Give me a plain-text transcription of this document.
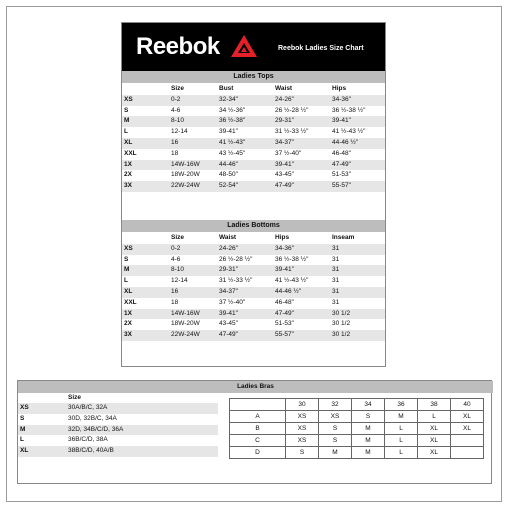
Reebok	Reebok Ladies Size Chart
Ladies Tops
Size	Bust	Waist	Hips
XS	0-2	32-34"	24-26"	34-36"
S	4-6	34 ½-36"	26 ½-28 ½"	36 ½-38 ½"
M	8-10	36 ½-38"	29-31"	39-41"
L	12-14	39-41"	31 ½-33 ½"	41 ½-43 ½"
XL	16	41 ½-43"	34-37"	44-46 ½"
XXL	18	43 ½-45"	37 ½-40"	46-48"
1X	14W-16W	44-46"	39-41"	47-49"
2X	18W-20W	48-50"	43-45"	51-53"
3X	22W-24W	52-54"	47-49"	55-57"
Ladies Bottoms
Size	Waist	Hips	Inseam
XS	0-2	24-26"	34-36"	31
S	4-6	26 ½-28 ½"	36 ½-38 ½"	31
M	8-10	29-31"	39-41"	31
L	12-14	31 ½-33 ½"	41 ½-43 ½"	31
XL	16	34-37"	44-46 ½"	31
XXL	18	37 ½-40"	46-48"	31
1X	14W-16W	39-41"	47-49"	30 1/2
2X	18W-20W	43-45"	51-53"	30 1/2
3X	22W-24W	47-49"	55-57"	30 1/2
Ladies Bras
Size
XS	30A/B/C, 32A
S	30D, 32B/C, 34A
M	32D, 34B/C/D, 36A
L	36B/C/D, 38A
XL	38B/C/D, 40A/B
	30	32	34	36	38	40
A	XS	XS	S	M	L	XL
B	XS	S	M	L	XL	XL
C	XS	S	M	L	XL	
D	S	M	M	L	XL	
